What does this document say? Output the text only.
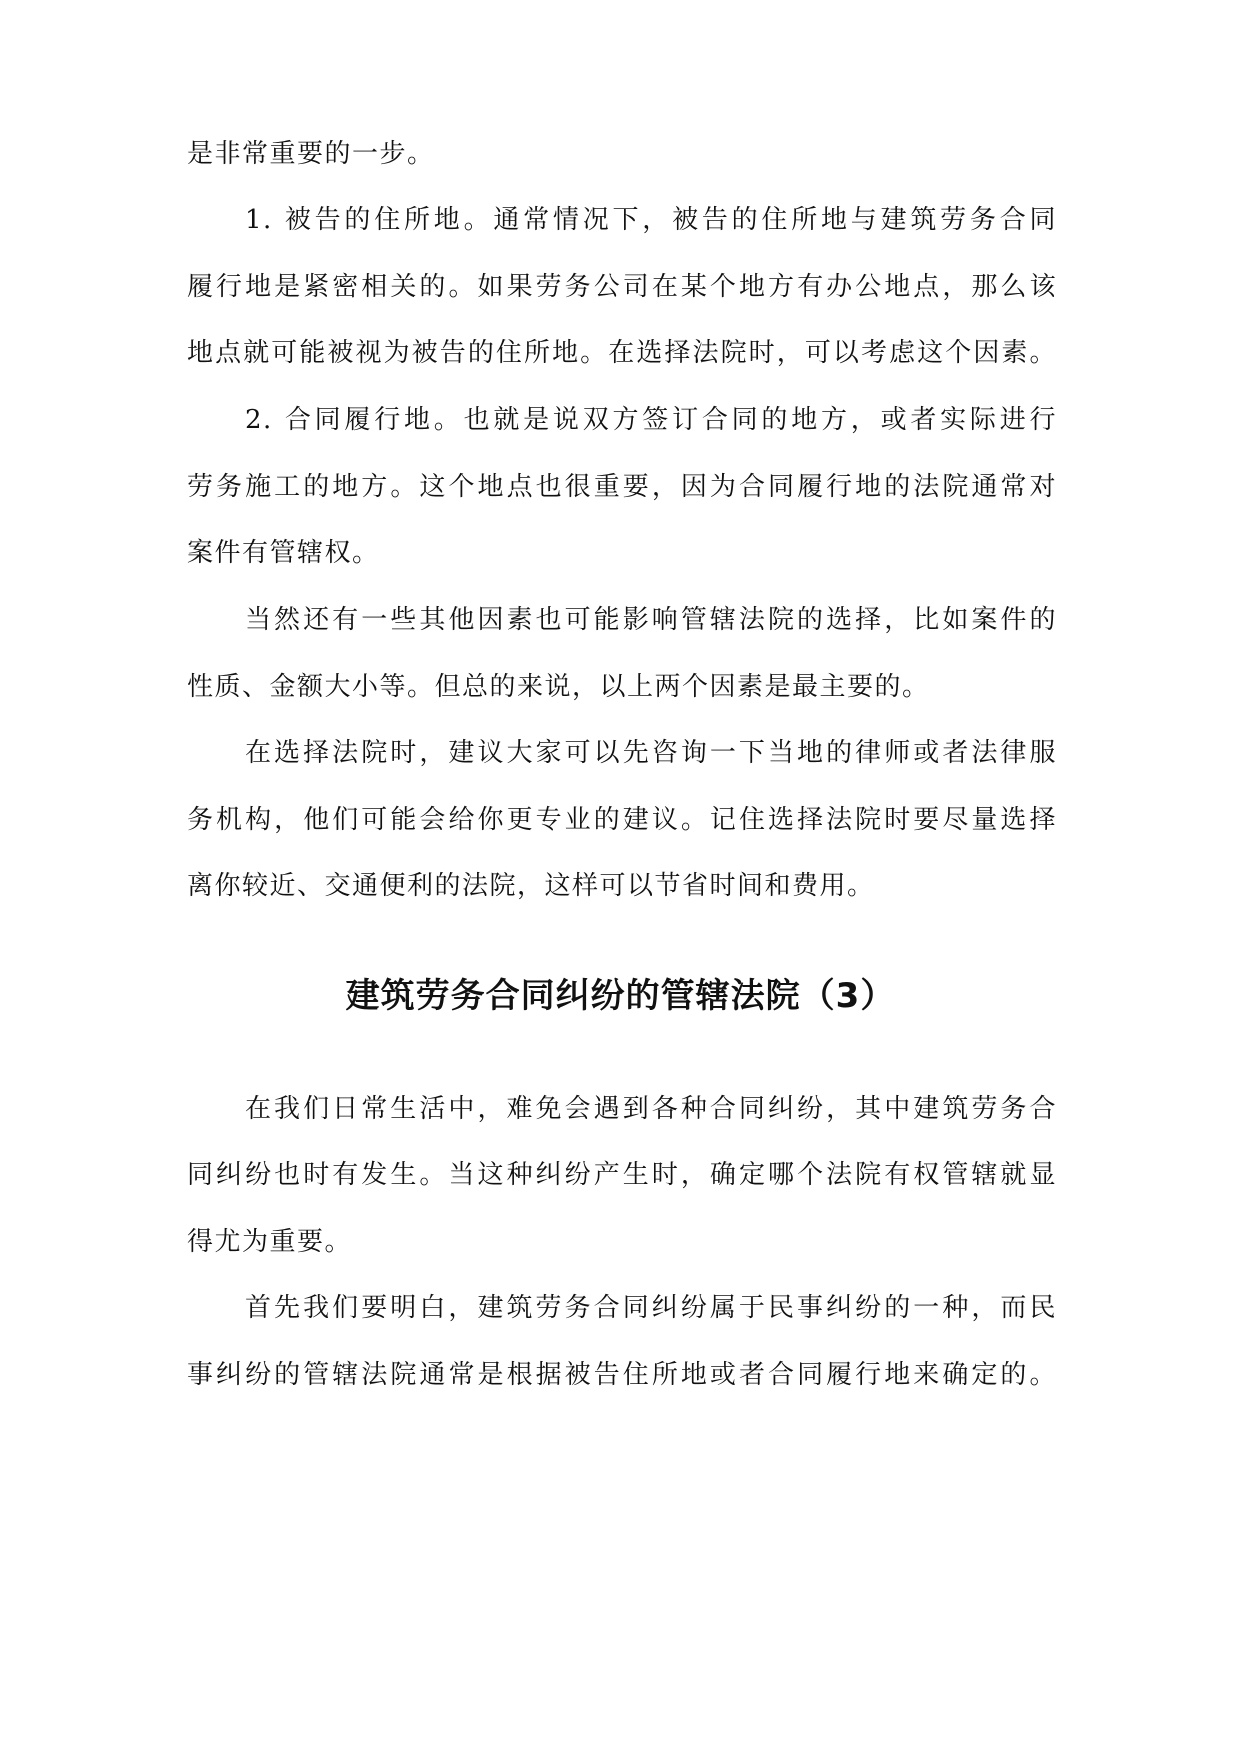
是非常重要的一步。
1. 被告的住所地。通常情况下，被告的住所地与建筑劳务合同
履行地是紧密相关的。如果劳务公司在某个地方有办公地点，那么该
地点就可能被视为被告的住所地。在选择法院时，可以考虑这个因素。
2. 合同履行地。也就是说双方签订合同的地方，或者实际进行
劳务施工的地方。这个地点也很重要，因为合同履行地的法院通常对
案件有管辖权。
当然还有一些其他因素也可能影响管辖法院的选择，比如案件的
性质、金额大小等。但总的来说，以上两个因素是最主要的。
在选择法院时，建议大家可以先咨询一下当地的律师或者法律服
务机构，他们可能会给你更专业的建议。记住选择法院时要尽量选择
离你较近、交通便利的法院，这样可以节省时间和费用。
建筑劳务合同纠纷的管辖法院（3）
在我们日常生活中，难免会遇到各种合同纠纷，其中建筑劳务合
同纠纷也时有发生。当这种纠纷产生时，确定哪个法院有权管辖就显
得尤为重要。
首先我们要明白，建筑劳务合同纠纷属于民事纠纷的一种，而民
事纠纷的管辖法院通常是根据被告住所地或者合同履行地来确定的。
